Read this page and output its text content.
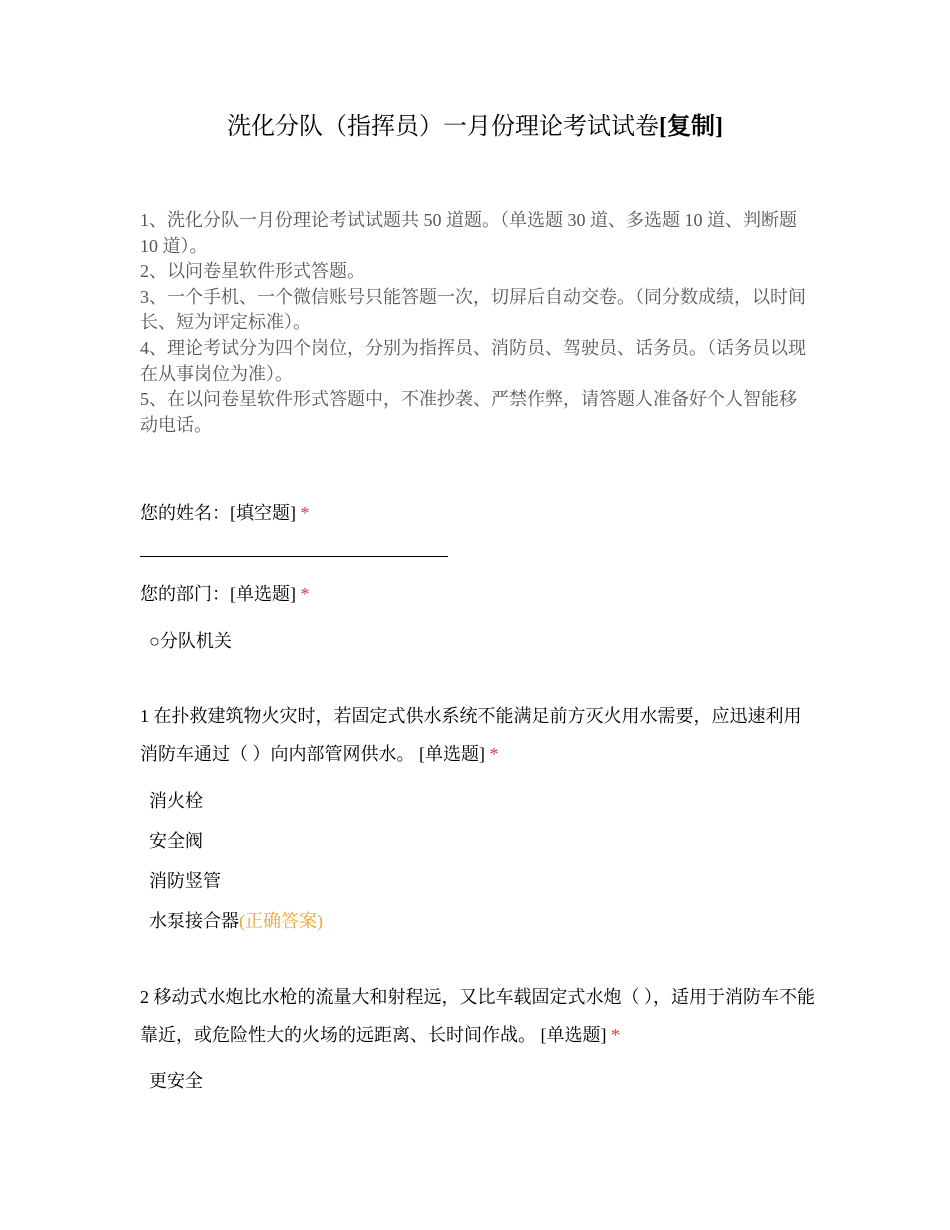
洗化分队（指挥员）一月份理论考试试卷[复制]

1、洗化分队一月份理论考试试题共 50 道题。（单选题 30 道、多选题 10 道、判断题 10 道）。

2、以问卷星软件形式答题。

3、一个手机、一个微信账号只能答题一次，切屏后自动交卷。（同分数成绩，以时间长、短为评定标准）。

4、理论考试分为四个岗位，分别为指挥员、消防员、驾驶员、话务员。（话务员以现在从事岗位为准）。

5、在以问卷星软件形式答题中，不准抄袭、严禁作弊，请答题人准备好个人智能移动电话。

您的姓名：[填空题] *
您的部门：[单选题] *
○分队机关
1 在扑救建筑物火灾时，若固定式供水系统不能满足前方灭火用水需要，应迅速利用消防车通过（ ）向内部管网供水。 [单选题] *
消火栓
安全阀
消防竖管
水泵接合器(正确答案)
2 移动式水炮比水枪的流量大和射程远，又比车载固定式水炮（ ），适用于消防车不能靠近，或危险性大的火场的远距离、长时间作战。 [单选题] *
更安全
